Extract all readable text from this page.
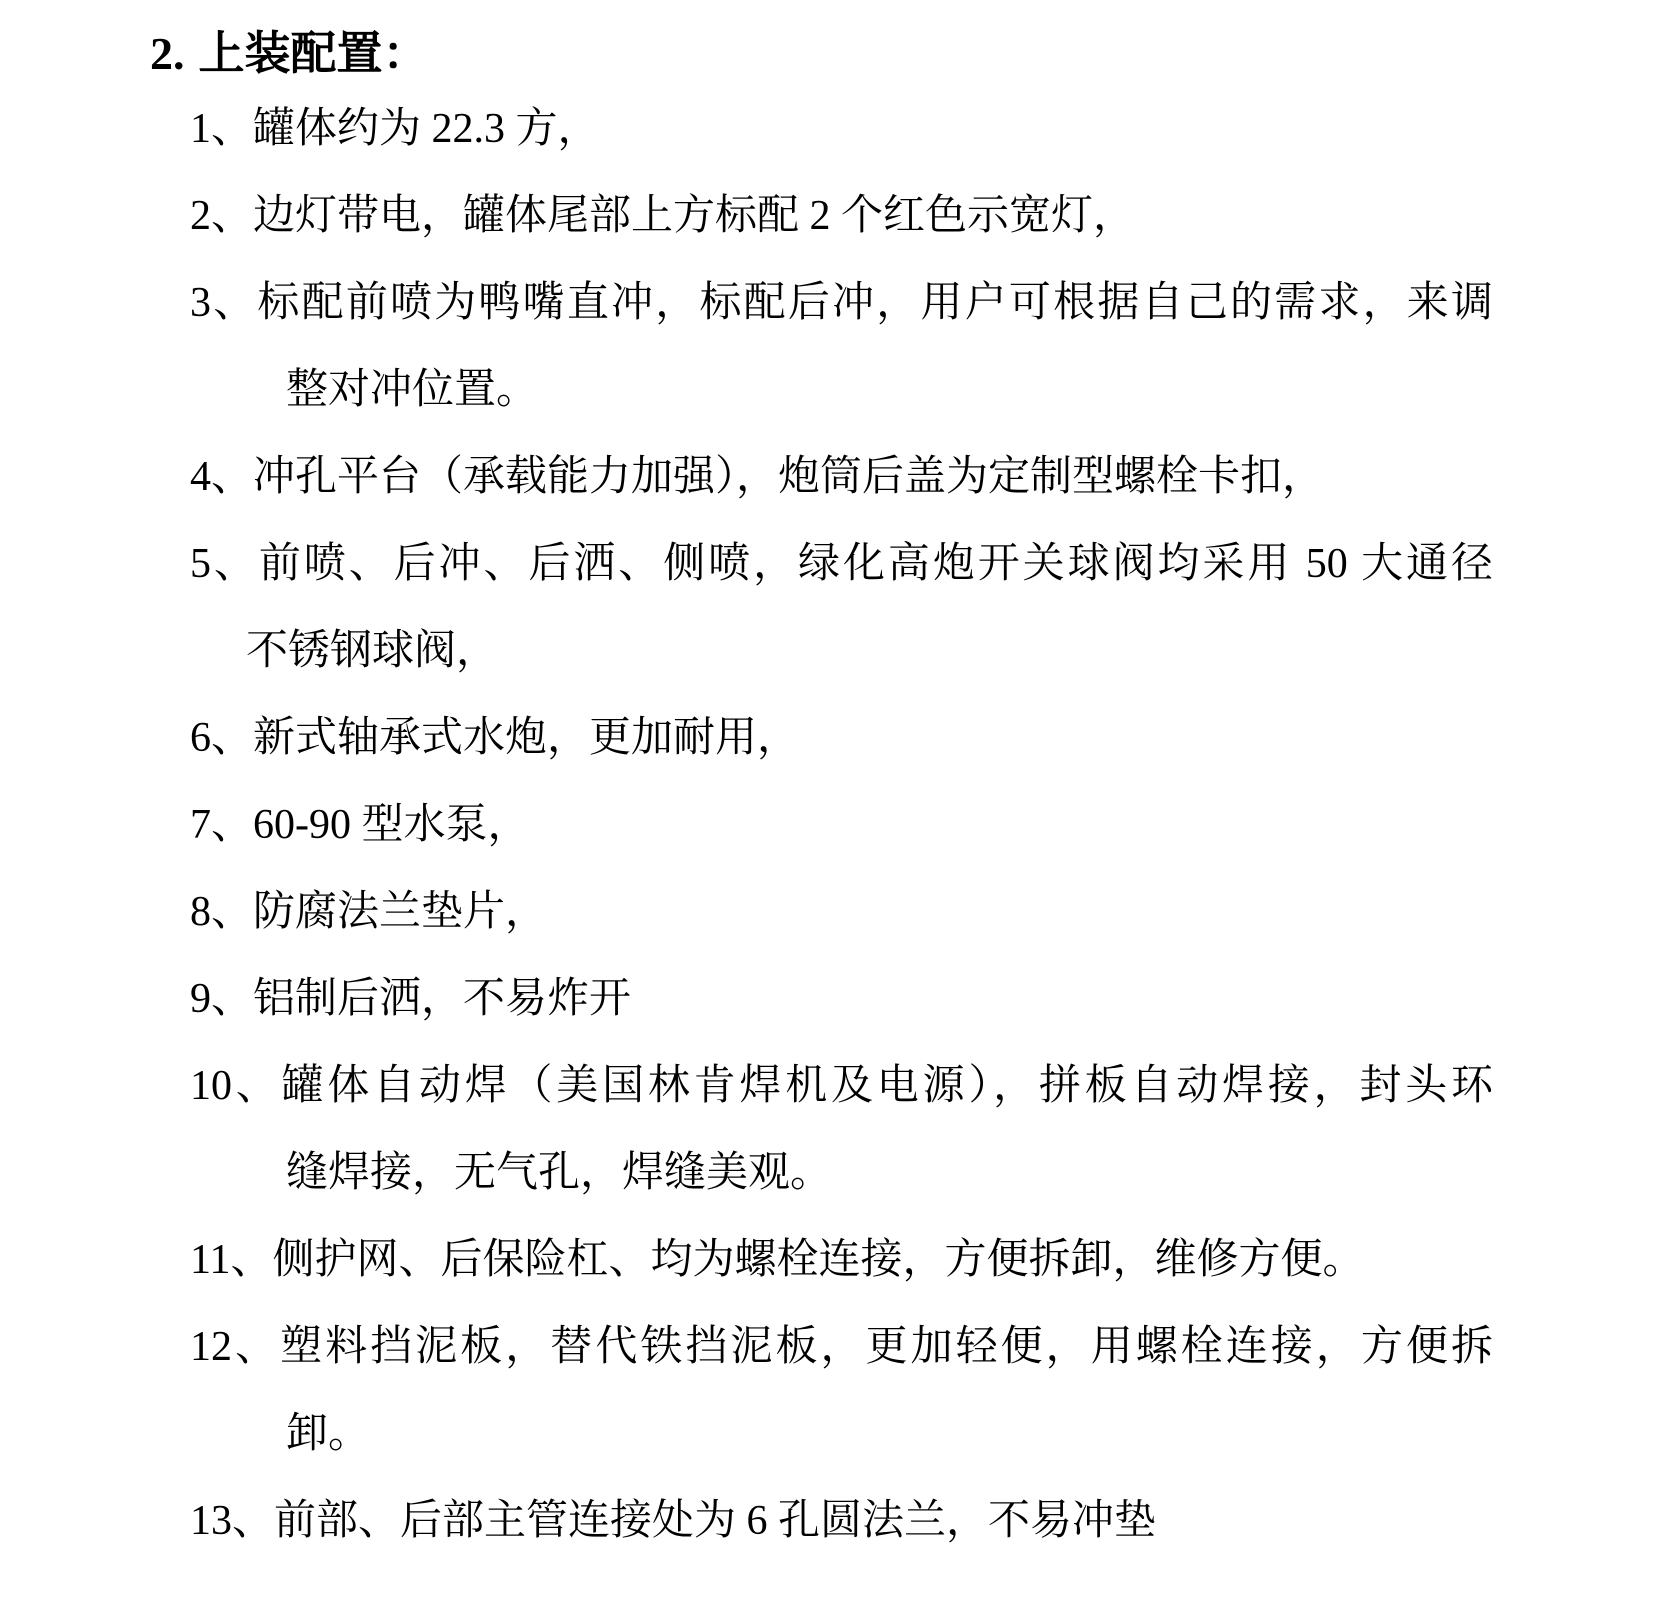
2. 上装配置：
1、罐体约为 22.3 方，
2、边灯带电，罐体尾部上方标配 2 个红色示宽灯，
3、标配前喷为鸭嘴直冲，标配后冲，用户可根据自己的需求，来调
整对冲位置。
4、冲孔平台（承载能力加强），炮筒后盖为定制型螺栓卡扣，
5、前喷、后冲、后洒、侧喷，绿化高炮开关球阀均采用 50 大通径
不锈钢球阀，
6、新式轴承式水炮，更加耐用，
7、60-90 型水泵，
8、防腐法兰垫片，
9、铝制后洒，不易炸开
10、罐体自动焊（美国林肯焊机及电源），拼板自动焊接，封头环
缝焊接，无气孔，焊缝美观。
11、侧护网、后保险杠、均为螺栓连接，方便拆卸，维修方便。
12、塑料挡泥板，替代铁挡泥板，更加轻便，用螺栓连接，方便拆
卸。
13、前部、后部主管连接处为 6 孔圆法兰，不易冲垫
